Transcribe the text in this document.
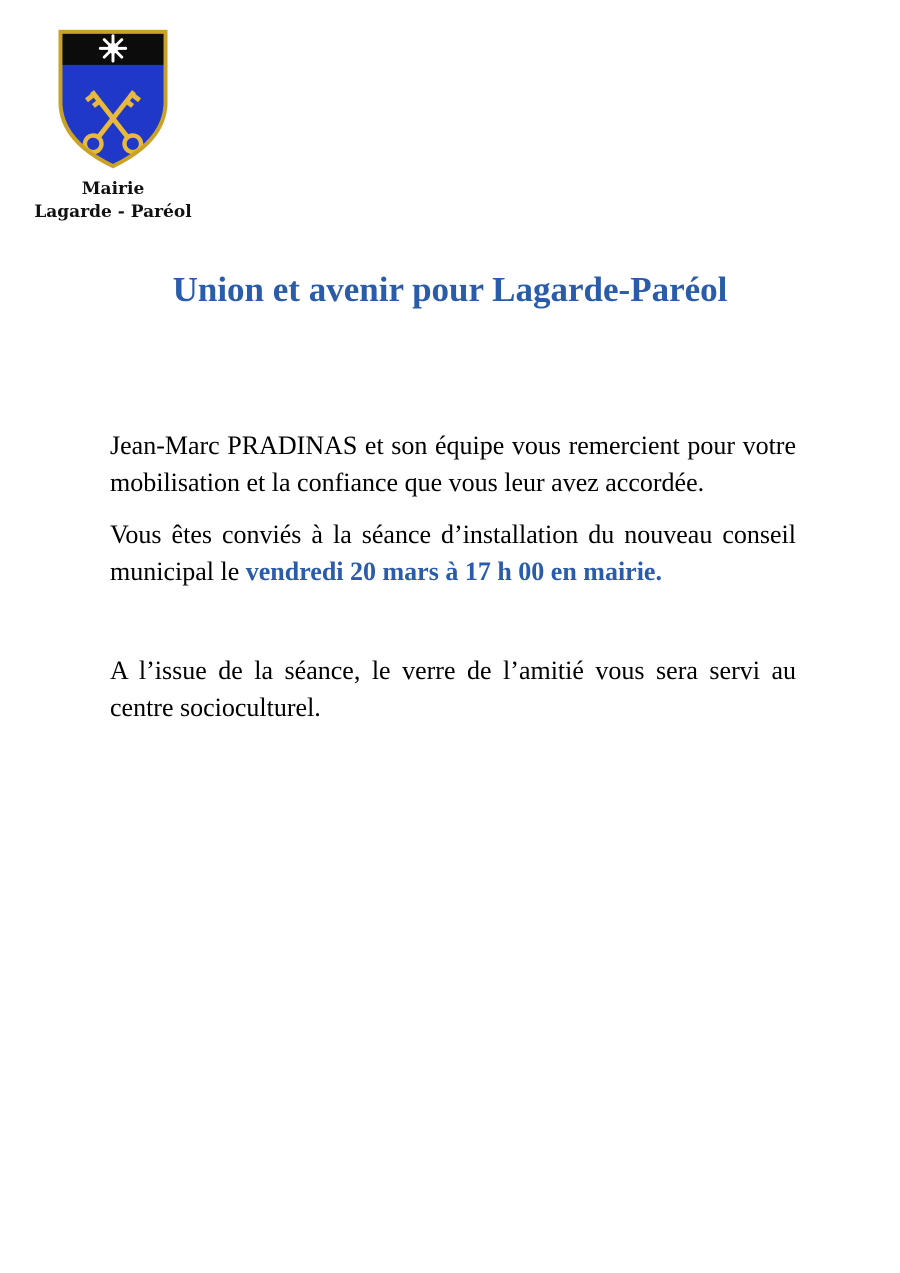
Mairie
Lagarde - Paréol
Union et avenir pour Lagarde-Paréol

Jean-Marc PRADINAS et son équipe vous remercient pour votre mobilisation et la confiance que vous leur avez accordée.

Vous êtes conviés à la séance d’installation du nouveau conseil municipal le vendredi 20 mars à 17 h 00 en mairie.

A l’issue de la séance, le verre de l’amitié vous sera servi au centre socioculturel.
